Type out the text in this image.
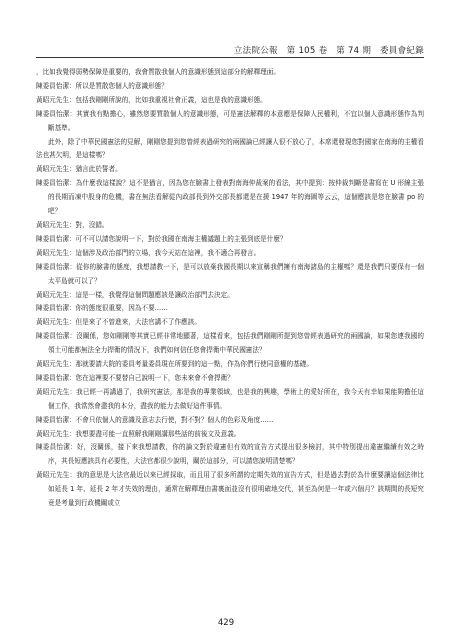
立法院公報　第 105 卷　第 74 期　委員會紀錄

，比如我覺得弱勢保障是重要的，我會質散我個人的意識形態到這部分的解釋理面。

陳委員怡潔：所以是質散您個人的意識形態？

黃昭元先生：包括我剛剛所說的，比如我重視社會正義，這也是我的意識形態。

陳委員怡潔：其實我有點擔心，雖然您要質散個人的意識形態，可是憲法解釋的本意應是保障人民權利，不宜以個人意識形態作為判斷基準。

此外，除了中華民國憲法的見解，剛剛您提到您曾經表過研究的兩國論已經讓人很不放心了，本席還發現您對國家在南海的主權看法也甚欠明，是這樣嗎？

黃昭元先生：猶言此於誓者。

陳委員怡潔：為什麼我這樣說？這不是猶言，因為您在臉書上發表對南海仲裁案的看法，其中提到：按仲裁判斷是書寫在 U 形線主張的長期而凍中股身的危機，書在無法看解從內政部長到外交部長都還是在援 1947 年的海圖等云云，這個應該是您在臉書 po 的吧？

黃昭元先生：對，沒錯。

陳委員怡潔：可不可以請您說明一下，對於我國在南海主權議題上的主張到底是什麼？

黃昭元先生：這個涉及政治部門的立場，我今天站在這裡，我不適合再發言。

陳委員怡潔：從你的臉書的態度，我想請教一下，是可以放棄我國長期以來宣稱我們擁有南海諸島的主權嗎？還是我們只要保有一個太平島就可以了？

黃昭元先生：這是一樣，我覺得這個問題應該是讓政治部門去決定。

陳委員怡潔：你的態度很重要，因為不要……

黃昭元先生：但是來了不曾進來，大法官講不了作應該。

陳委員怡潔：沒關係，您如剛剛等其實已經非常地顯著，這樣看來，包括我們剛剛所提到您曾經表過研究的兩國論，如果您連我國的領土可能都無法全力捍衛的情況下，我們如何信任您會捍衛中華民國憲法？

黃昭元先生：那就要請大院的委員考量委員現在所要到的這一點，作為你們行使同意權的基礎。

陳委員怡潔：您在這裡要不要替自己說明一下，您未來會不會捍衛？

黃昭元先生：我已經一再講過了，我研究憲法，那是我的專業領域，也是我的興趣，學術上的愛好所在，我今天有幸如果能夠擔任這個工作，我當然會盡我的本分，盡我的能力去做好這件事情。

陳委員怡潔：不會只依個人的意識及意志去行使，對不對？個人的色彩及角度……

黃昭元先生：我想要盡可能一直照解我剛剛講那些話的前後文及意義。

陳委員怡潔：好，沒關係，接下來我想請教，你的論文對於違憲但有效的宣告方式提出很多檢討，其中特別提出違憲繼續有效之時序，其長短應該具有必要性，大法官都很少說明，關於這部分，可以請您說明清楚嗎？

黃昭元先生：我的意思是大法官最近以來已經採取，而且用了很多所謂的定期失效的宣告方式，但是過去對於為什麼要讓這個法律比如延長 1 年、延長 2 年才失效的理由，通常在解釋理由書裏面並沒有很明確地交代，甚至為何是一年或六個月？該期間的長短究竟是考量到行政機關或立

429
